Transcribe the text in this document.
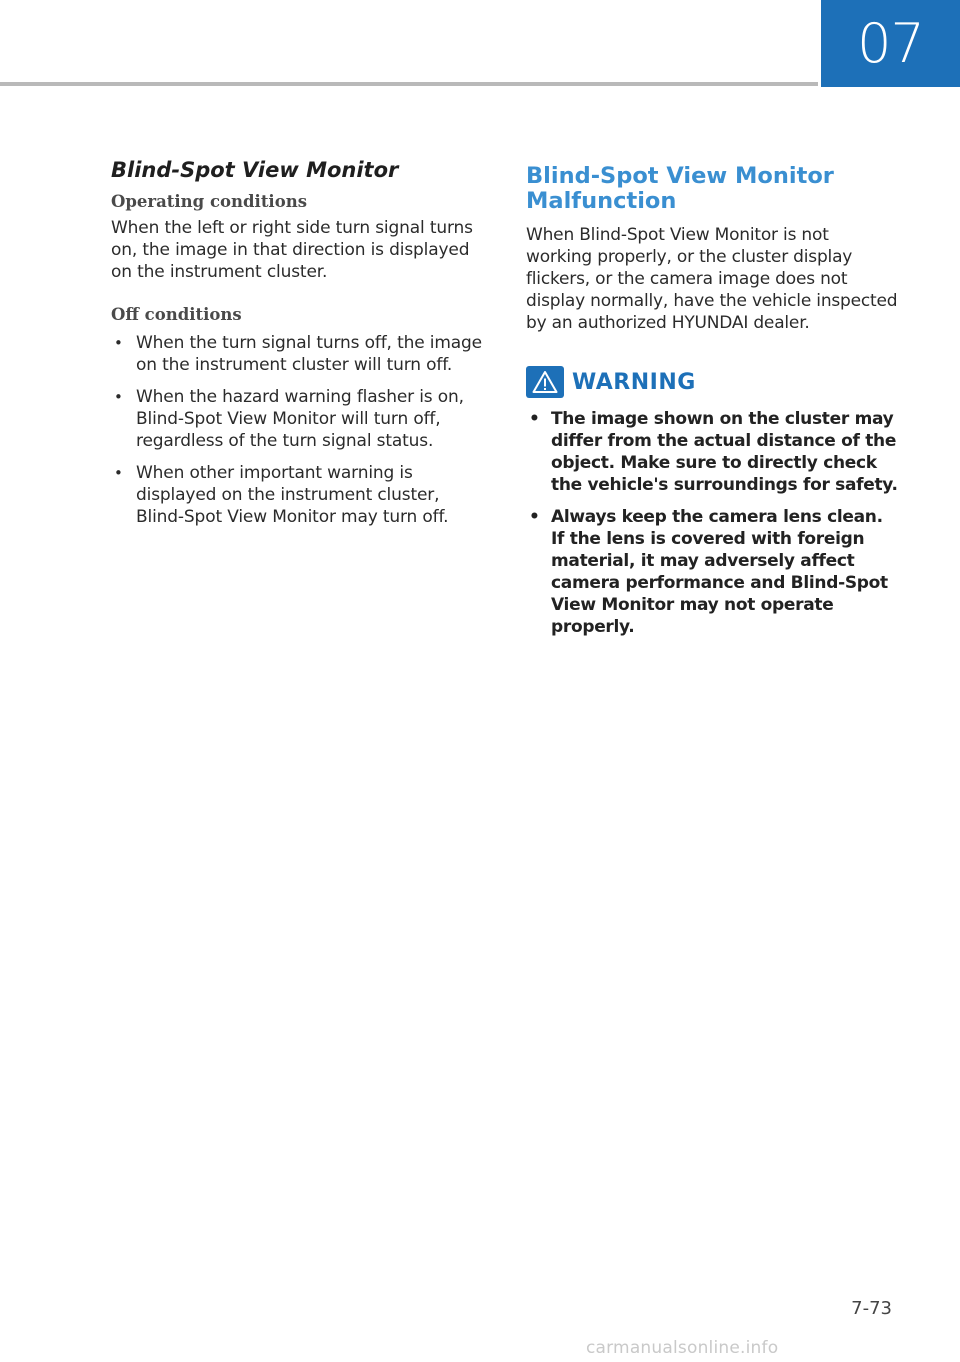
07
Blind-Spot View Monitor
Operating conditions

When the left or right side turn signal turns on, the image in that direction is displayed on the instrument cluster.

Off conditions
• When the turn signal turns off, the image on the instrument cluster will turn off.
• When the hazard warning flasher is on, Blind-Spot View Monitor will turn off, regardless of the turn signal status.
• When other important warning is displayed on the instrument cluster, Blind-Spot View Monitor may turn off.
Blind-Spot View Monitor Malfunction

When Blind-Spot View Monitor is not working properly, or the cluster display flickers, or the camera image does not display normally, have the vehicle inspected by an authorized HYUNDAI dealer.

WARNING
• The image shown on the cluster may differ from the actual distance of the object. Make sure to directly check the vehicle's surroundings for safety.
• Always keep the camera lens clean. If the lens is covered with foreign material, it may adversely affect camera performance and Blind-Spot View Monitor may not operate properly.
7-73
carmanualsonline.info
